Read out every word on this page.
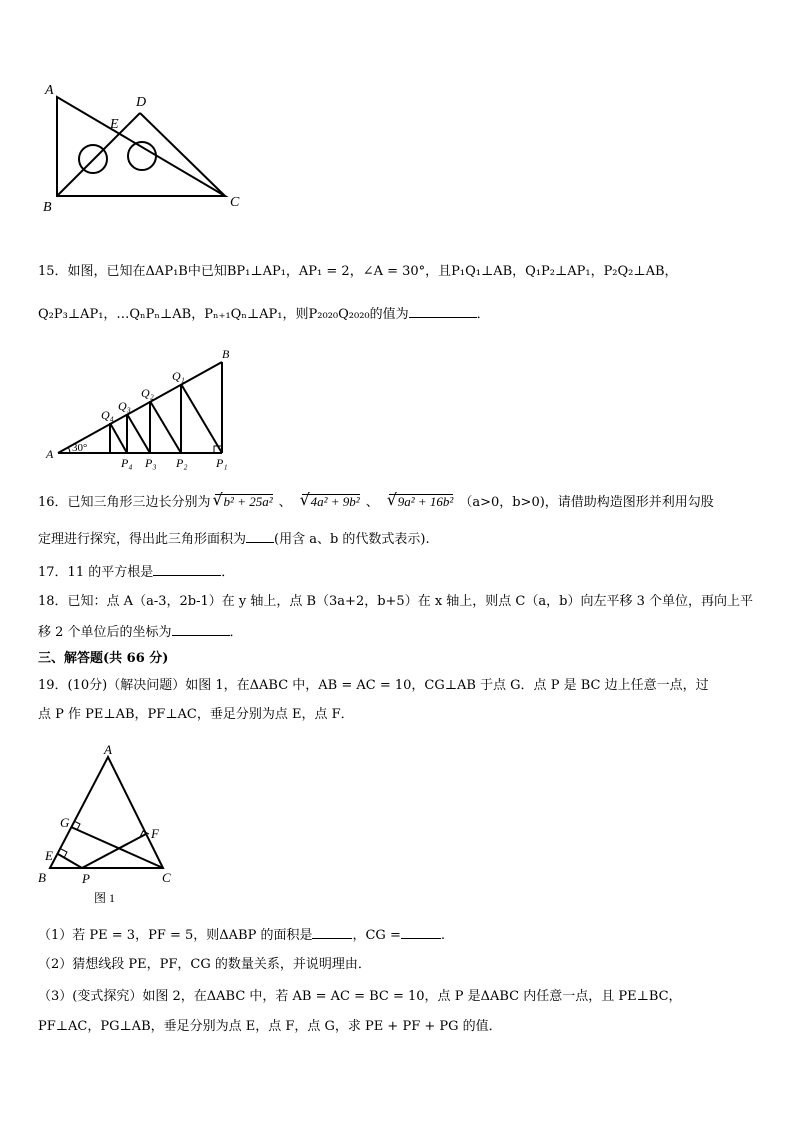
A
B	C
D
E
15．如图，已知在ΔAP₁B中已知BP₁⊥AP₁，AP₁ = 2，∠A = 30°，且P₁Q₁⊥AB，Q₁P₂⊥AP₁，P₂Q₂⊥AB，
Q₂P₃⊥AP₁，…QₙPₙ⊥AB，Pₙ₊₁Qₙ⊥AP₁，则P₂₀₂₀Q₂₀₂₀的值为	．
A
B
30°
Q₁
Q₂
Q₃
Q₄
P₁
P₂
P₃
P₄
16．已知三角形三边长分别为 √ b² + 25a² 、 √ 4a² + 9b² 、 √ 9a² + 16b² （a>0，b>0)，请借助构造图形并利用勾股
定理进行探究，得出此三角形面积为 (用含 a、b 的代数式表示).
17．11 的平方根是	．
18．已知：点 A（a-3，2b-1）在 y 轴上，点 B（3a+2，b+5）在 x 轴上，则点 C（a，b）向左平移 3 个单位，再向上平
移 2 个单位后的坐标为	．
三、解答题(共 66 分)
19．(10分)（解决问题）如图 1，在ΔABC 中，AB = AC = 10，CG⊥AB 于点 G．点 P 是 BC 边上任意一点，过
点 P 作 PE⊥AB，PF⊥AC，垂足分别为点 E，点 F．
A
B	C
G
E
F
P
图 1
（1）若 PE = 3，PF = 5，则ΔABP 的面积是	，CG =	.
（2）猜想线段 PE，PF，CG 的数量关系，并说明理由．
（3）(变式探究）如图 2，在ΔABC 中，若 AB = AC = BC = 10，点 P 是ΔABC 内任意一点，且 PE⊥BC，
PF⊥AC，PG⊥AB，垂足分别为点 E，点 F，点 G，求 PE + PF + PG 的值．
